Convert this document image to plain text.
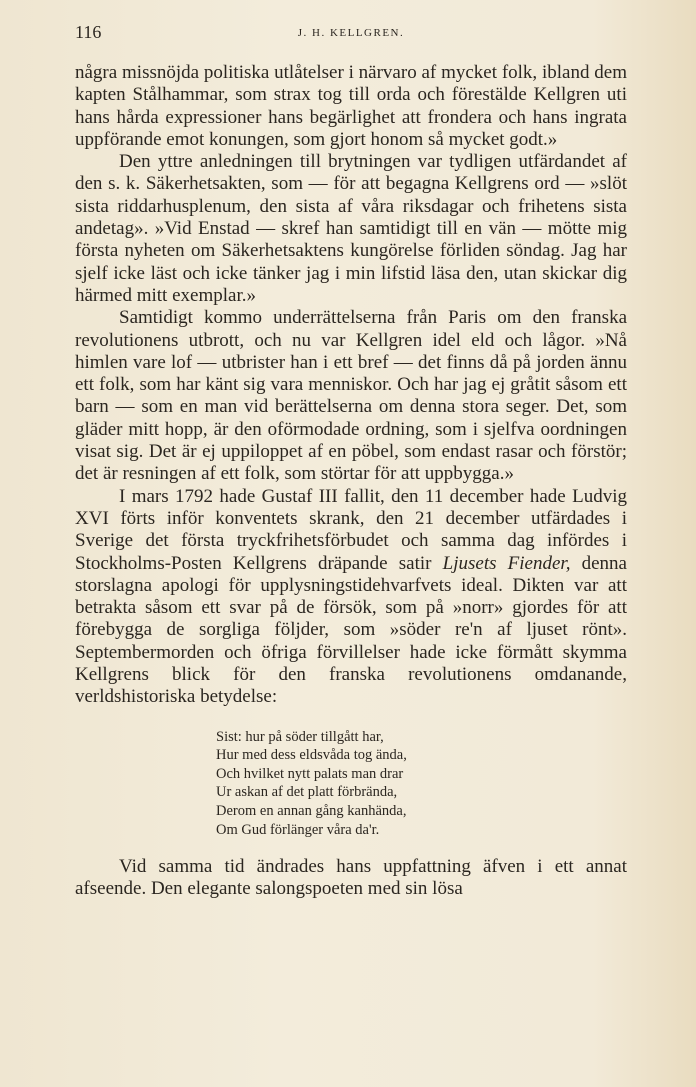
116	J. H. KELLGREN.

några missnöjda politiska utlåtelser i närvaro af mycket folk, ibland dem kapten Stålhammar, som strax tog till orda och förestälde Kellgren uti hans hårda expressioner hans begärlighet att frondera och hans ingrata uppförande emot konungen, som gjort honom så mycket godt.»

Den yttre anledningen till brytningen var tydligen utfärdandet af den s. k. Säkerhetsakten, som — för att begagna Kellgrens ord — »slöt sista riddarhusplenum, den sista af våra riksdagar och frihetens sista andetag». »Vid Enstad — skref han samtidigt till en vän — mötte mig första nyheten om Säkerhetsaktens kungörelse förliden söndag. Jag har sjelf icke läst och icke tänker jag i min lifstid läsa den, utan skickar dig härmed mitt exemplar.»

Samtidigt kommo underrättelserna från Paris om den franska revolutionens utbrott, och nu var Kellgren idel eld och lågor. »Nå himlen vare lof — utbrister han i ett bref — det finns då på jorden ännu ett folk, som har känt sig vara menniskor. Och har jag ej gråtit såsom ett barn — som en man vid berättelserna om denna stora seger. Det, som gläder mitt hopp, är den oförmodade ordning, som i sjelfva oordningen visat sig. Det är ej uppiloppet af en pöbel, som endast rasar och förstör; det är resningen af ett folk, som störtar för att uppbygga.»

I mars 1792 hade Gustaf III fallit, den 11 december hade Ludvig XVI förts inför konventets skrank, den 21 december utfärdades i Sverige det första tryckfrihetsförbudet och samma dag infördes i Stockholms-Posten Kellgrens dräpande satir Ljusets Fiender, denna storslagna apologi för upplysningstidehvarfvets ideal. Dikten var att betrakta såsom ett svar på de försök, som på »norr» gjordes för att förebygga de sorgliga följder, som »söder re'n af ljuset rönt». Septembermorden och öfriga förvillelser hade icke förmått skymma Kellgrens blick för den franska revolutionens omdanande, verldshistoriska betydelse:

Sist: hur på söder tillgått har,
Hur med dess eldsvåda tog ända,
Och hvilket nytt palats man drar
Ur askan af det platt förbrända,
Derom en annan gång kanhända,
Om Gud förlänger våra da'r.

Vid samma tid ändrades hans uppfattning äfven i ett annat afseende. Den elegante salongspoeten med sin lösa
